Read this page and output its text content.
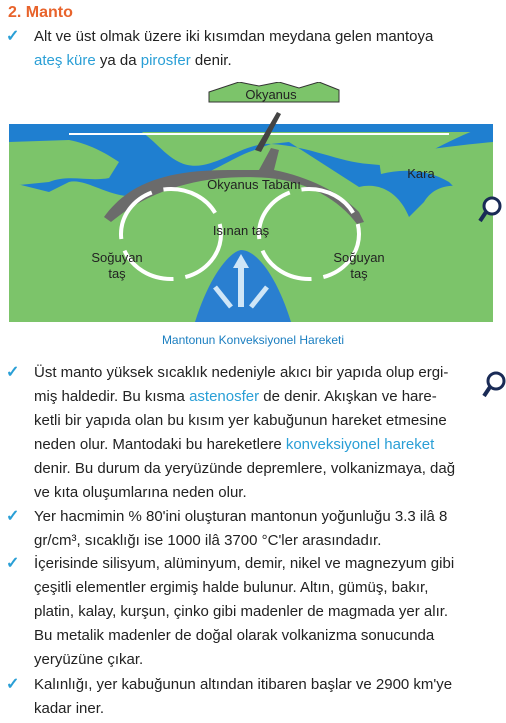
2. Manto
✓ Alt ve üst olmak üzere iki kısımdan meydana gelen mantoya
ateş küre ya da pirosfer denir.
Okyanus
Kara
Okyanus Tabanı
Isınan taş
Soğuyan
taş
Soğuyan
taş
Mantonun Konveksiyonel Hareketi
✓ Üst manto yüksek sıcaklık nedeniyle akıcı bir yapıda olup ergi-
miş haldedir. Bu kısma astenosfer de denir. Akışkan ve hare-
ketli bir yapıda olan bu kısım yer kabuğunun hareket etmesine
neden olur. Mantodaki bu hareketlere konveksiyonel hareket
denir. Bu durum da yeryüzünde depremlere, volkanizmaya, dağ
ve kıta oluşumlarına neden olur.
✓ Yer hacmimin % 80'ini oluşturan mantonun yoğunluğu 3.3 ilâ 8
gr/cm³, sıcaklığı ise 1000 ilâ 3700 °C'ler arasındadır.
✓ İçerisinde silisyum, alüminyum, demir, nikel ve magnezyum gibi
çeşitli elementler ergimiş halde bulunur. Altın, gümüş, bakır,
platin, kalay, kurşun, çinko gibi madenler de magmada yer alır.
Bu metalik madenler de doğal olarak volkanizma sonucunda
yeryüzüne çıkar.
✓ Kalınlığı, yer kabuğunun altından itibaren başlar ve 2900 km'ye
kadar iner.
